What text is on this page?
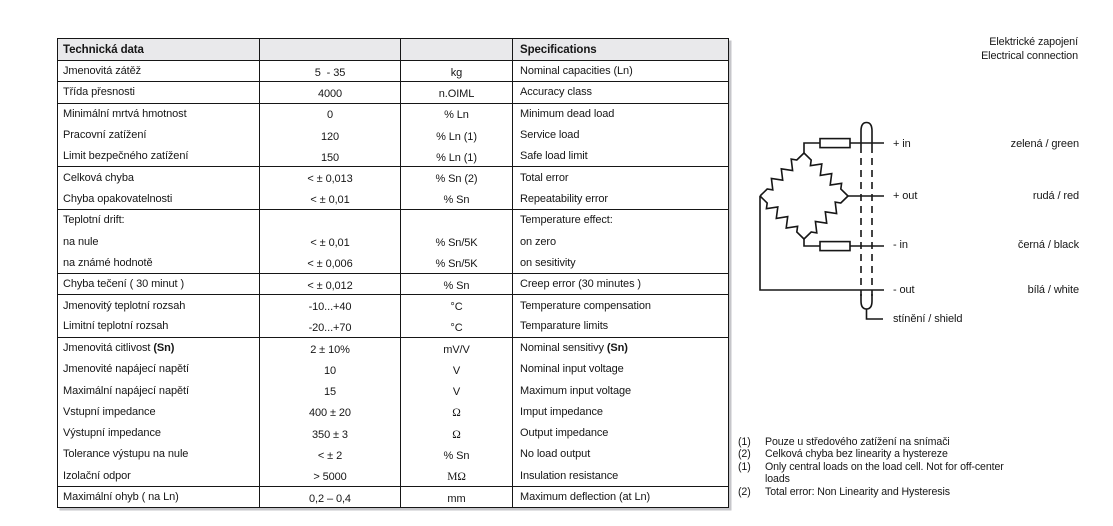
Technická data			Specifications
Jmenovitá zátěž	5  - 35	kg	Nominal capacities (Ln)
Třída přesnosti	4000	n.OIML	Accuracy class
Minimální mrtvá hmotnost	0	% Ln	Minimum dead load
Pracovní zatížení	120	% Ln (1)	Service load
Limit bezpečného zatížení	150	% Ln (1)	Safe load limit
Celková chyba	< ± 0,013	% Sn (2)	Total error
Chyba opakovatelnosti	< ± 0,01	% Sn	Repeatability error
Teplotní drift:			Temperature effect:
na nule	< ± 0,01	% Sn/5K	on zero
na známé hodnotě	< ± 0,006	% Sn/5K	on sesitivity
Chyba tečení ( 30 minut )	< ± 0,012	% Sn	Creep error (30 minutes )
Jmenovitý teplotní rozsah	-10...+40	°C	Temperature compensation
Limitní teplotní rozsah	-20...+70	°C	Temparature limits
Jmenovitá citlivost (Sn)	2 ± 10%	mV/V	Nominal sensitivy (Sn)
Jmenovité napájecí napětí	10	V	Nominal input voltage
Maximální napájecí napětí	15	V	Maximum input voltage
Vstupní impedance	400 ± 20	Ω	Imput impedance
Výstupní impedance	350 ± 3	Ω	Output impedance
Tolerance výstupu na nule	< ± 2	% Sn	No load output
Izolační odpor	> 5000	MΩ	Insulation resistance
Maximální ohyb ( na Ln)	0,2 – 0,4	mm	Maximum deflection (at Ln)
Elektrické zapojení
Electrical connection
+ in	zelená / green
+ out	rudá / red
- in	černá / black
- out	bílá / white
stínění / shield
(1)	Pouze u středového zatížení na snímači
(2)	Celková chyba bez linearity a hystereze
(1)	Only central loads on the load cell. Not for off-center
loads
(2)	Total error: Non Linearity and Hysteresis
